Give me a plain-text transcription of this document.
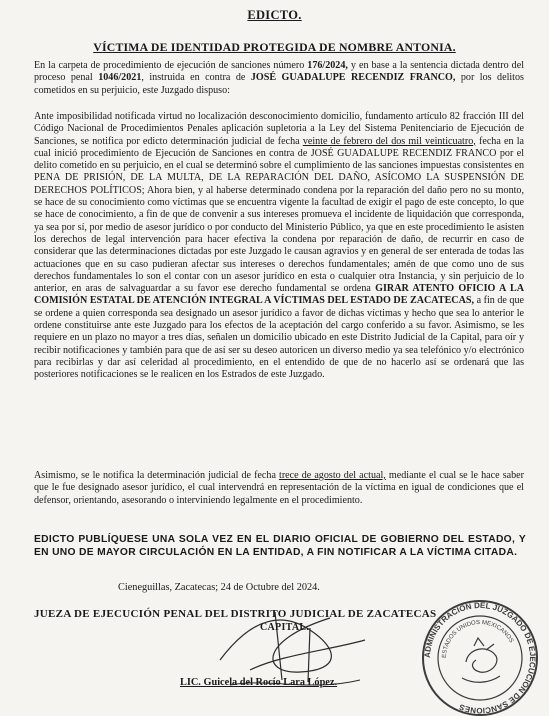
EDICTO.
VÍCTIMA DE IDENTIDAD PROTEGIDA DE NOMBRE ANTONIA.

En la carpeta de procedimiento de ejecución de sanciones número 176/2024, y en base a la sentencia dictada dentro del proceso penal 1046/2021, instruida en contra de JOSÉ GUADALUPE RECENDIZ FRANCO, por los delitos cometidos en su perjuicio, este Juzgado dispuso:

Ante imposibilidad notificada virtud no localización desconocimiento domicilio, fundamento artículo 82 fracción III del Código Nacional de Procedimientos Penales aplicación supletoria a la Ley del Sistema Penitenciario de Ejecución de Sanciones, se notifica por edicto determinación judicial de fecha veinte de febrero del dos mil veinticuatro, fecha en la cual inició procedimiento de Ejecución de Sanciones en contra de JOSÉ GUADALUPE RECENDIZ FRANCO por el delito cometido en su perjuicio, en el cual se determinó sobre el cumplimiento de las sanciones impuestas consistentes en PENA DE PRISIÓN, DE LA MULTA, DE LA REPARACIÓN DEL DAÑO, ASÍCOMO LA SUSPENSIÓN DE DERECHOS POLÍTICOS; Ahora bien, y al haberse determinado condena por la reparación del daño pero no su monto, se hace de su conocimiento como víctimas que se encuentra vigente la facultad de exigir el pago de este concepto, lo que se hace de conocimiento, a fin de que de convenir a sus intereses promueva el incidente de liquidación que corresponda, ya sea por sí, por medio de asesor jurídico o por conducto del Ministerio Público, ya que en este procedimiento le asisten los derechos de legal intervención para hacer efectiva la condena por reparación de daño, de recurrir en caso de considerar que las determinaciones dictadas por este Juzgado le causan agravios y en general de ser enterada de todas las actuaciones que en su caso pudieran afectar sus intereses o derechos fundamentales; amén de que como uno de sus derechos fundamentales lo son el contar con un asesor jurídico en esta o cualquier otra Instancia, y sin perjuicio de lo anterior, en aras de salvaguardar a su favor ese derecho fundamental se ordena GIRAR ATENTO OFICIO A LA COMISIÓN ESTATAL DE ATENCIÓN INTEGRAL A VÍCTIMAS DEL ESTADO DE ZACATECAS, a fin de que se ordene a quien corresponda sea designado un asesor jurídico a favor de dichas víctimas y hecho que sea lo anterior le ordene constituirse ante este Juzgado para los efectos de la aceptación del cargo conferido a su favor. Asimismo, se les requiere en un plazo no mayor a tres días, señalen un domicilio ubicado en este Distrito Judicial de la Capital, para oír y recibir notificaciones y también para que de así ser su deseo autoricen un diverso medio ya sea telefónico y/o electrónico para recibirlas y dar así celeridad al procedimiento, en el entendido de que de no hacerlo así se ordenará que las posteriores notificaciones se le realicen en los Estrados de este Juzgado.

Asimismo, se le notifica la determinación judicial de fecha trece de agosto del actual, mediante el cual se le hace saber que le fue designado asesor jurídico, el cual intervendrá en representación de la víctima en igual de condiciones que el defensor, orientando, asesorando o interviniendo legalmente en el procedimiento.

EDICTO PUBLÍQUESE UNA SOLA VEZ EN EL DIARIO OFICIAL DE GOBIERNO DEL ESTADO, Y EN UNO DE MAYOR CIRCULACIÓN EN LA ENTIDAD, A FIN NOTIFICAR A LA VÍCTIMA CITADA.

Cieneguillas, Zacatecas; 24 de Octubre del 2024.

JUEZA DE EJECUCIÓN PENAL DEL DISTRITO JUDICIAL DE ZACATECAS
CAPITAL.

LIC. Guicela del Rocío Lara López.

ADMINISTRACIÓN DEL JUZGADO DE EJECUCIÓN DE SANCIONES
ESTADOS UNIDOS MEXICANOS
